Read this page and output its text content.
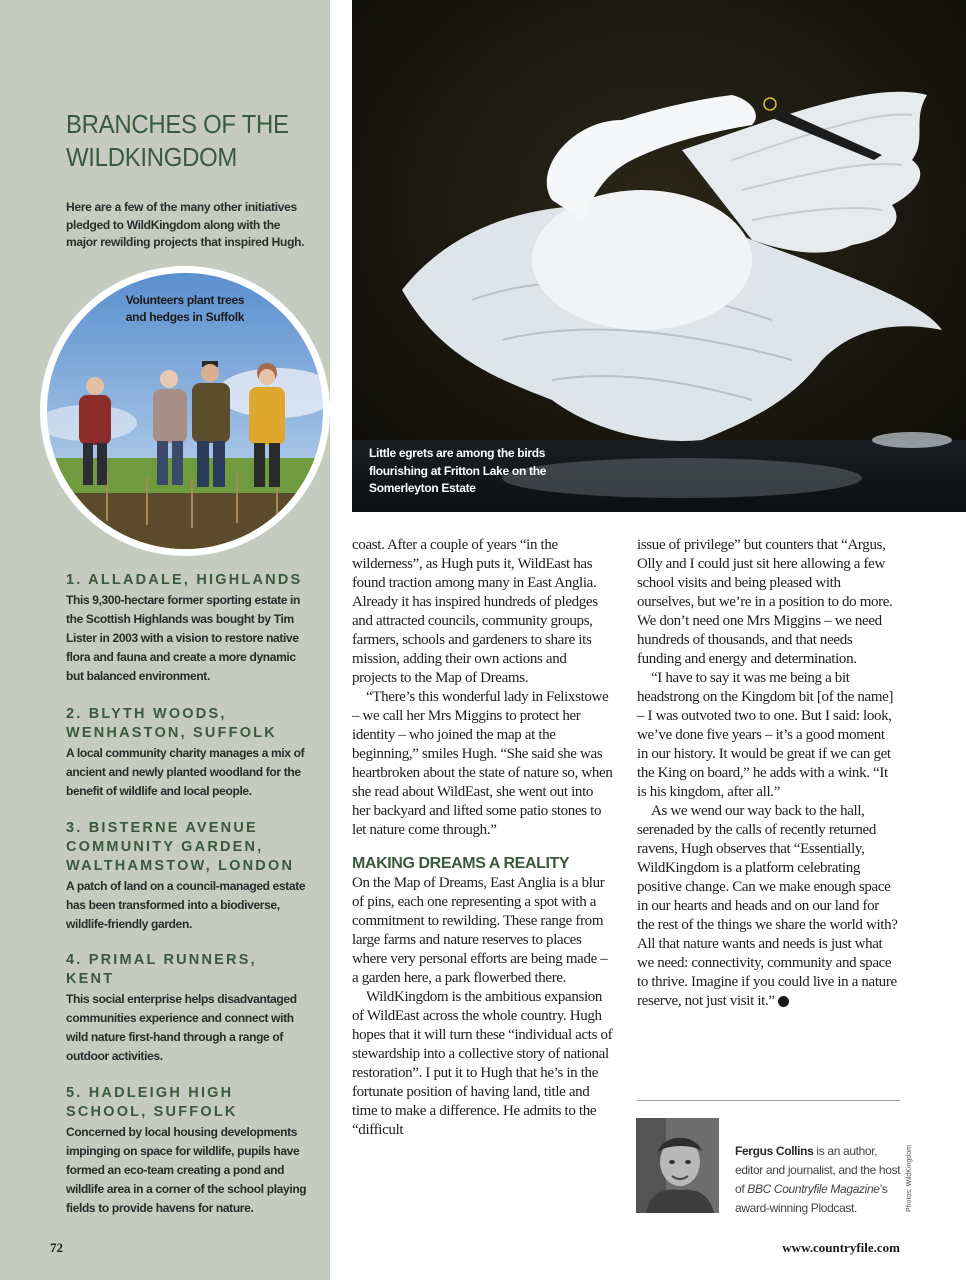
BRANCHES OF THE
WILDKINGDOM
Here are a few of the many other initiatives pledged to WildKingdom along with the major rewilding projects that inspired Hugh.
Volunteers plant trees and hedges in Suffolk
1. ALLADALE, HIGHLANDS
This 9,300-hectare former sporting estate in the Scottish Highlands was bought by Tim Lister in 2003 with a vision to restore native flora and fauna and create a more dynamic but balanced environment.
2. BLYTH WOODS, WENHASTON, SUFFOLK
A local community charity manages a mix of ancient and newly planted woodland for the benefit of wildlife and local people.
3. BISTERNE AVENUE COMMUNITY GARDEN, WALTHAMSTOW, LONDON
A patch of land on a council-managed estate has been transformed into a biodiverse, wildlife-friendly garden.
4. PRIMAL RUNNERS, KENT
This social enterprise helps disadvantaged communities experience and connect with wild nature first-hand through a range of outdoor activities.
5. HADLEIGH HIGH SCHOOL, SUFFOLK
Concerned by local housing developments impinging on space for wildlife, pupils have formed an eco-team creating a pond and wildlife area in a corner of the school playing fields to provide havens for nature.
72
Little egrets are among the birds flourishing at Fritton Lake on the Somerleyton Estate

coast. After a couple of years “in the wilderness”, as Hugh puts it, WildEast has found traction among many in East Anglia. Already it has inspired hundreds of pledges and attracted councils, community groups, farmers, schools and gardeners to share its mission, adding their own actions and projects to the Map of Dreams.

“There’s this wonderful lady in Felixstowe – we call her Mrs Miggins to protect her identity – who joined the map at the beginning,” smiles Hugh. “She said she was heartbroken about the state of nature so, when she read about WildEast, she went out into her backyard and lifted some patio stones to let nature come through.”

MAKING DREAMS A REALITY

On the Map of Dreams, East Anglia is a blur of pins, each one representing a spot with a commitment to rewilding. These range from large farms and nature reserves to places where very personal efforts are being made – a garden here, a park flowerbed there.

WildKingdom is the ambitious expansion of WildEast across the whole country. Hugh hopes that it will turn these “individual acts of stewardship into a collective story of national restoration”. I put it to Hugh that he’s in the fortunate position of having land, title and time to make a difference. He admits to the “difficult

issue of privilege” but counters that “Argus, Olly and I could just sit here allowing a few school visits and being pleased with ourselves, but we’re in a position to do more. We don’t need one Mrs Miggins – we need hundreds of thousands, and that needs funding and energy and determination.

“I have to say it was me being a bit headstrong on the Kingdom bit [of the name] – I was outvoted two to one. But I said: look, we’ve done five years – it’s a good moment in our history. It would be great if we can get the King on board,” he adds with a wink. “It is his kingdom, after all.”

As we wend our way back to the hall, serenaded by the calls of recently returned ravens, Hugh observes that “Essentially, WildKingdom is a platform celebrating positive change. Can we make enough space in our hearts and heads and on our land for the rest of the things we share the world with? All that nature wants and needs is just what we need: connectivity, community and space to thrive. Imagine if you could live in a nature reserve, not just visit it.” CF

Fergus Collins is an author, editor and journalist, and the host of BBC Countryfile Magazine’s award-winning Plodcast.	Photos: WildKingdom
www.countryfile.com
